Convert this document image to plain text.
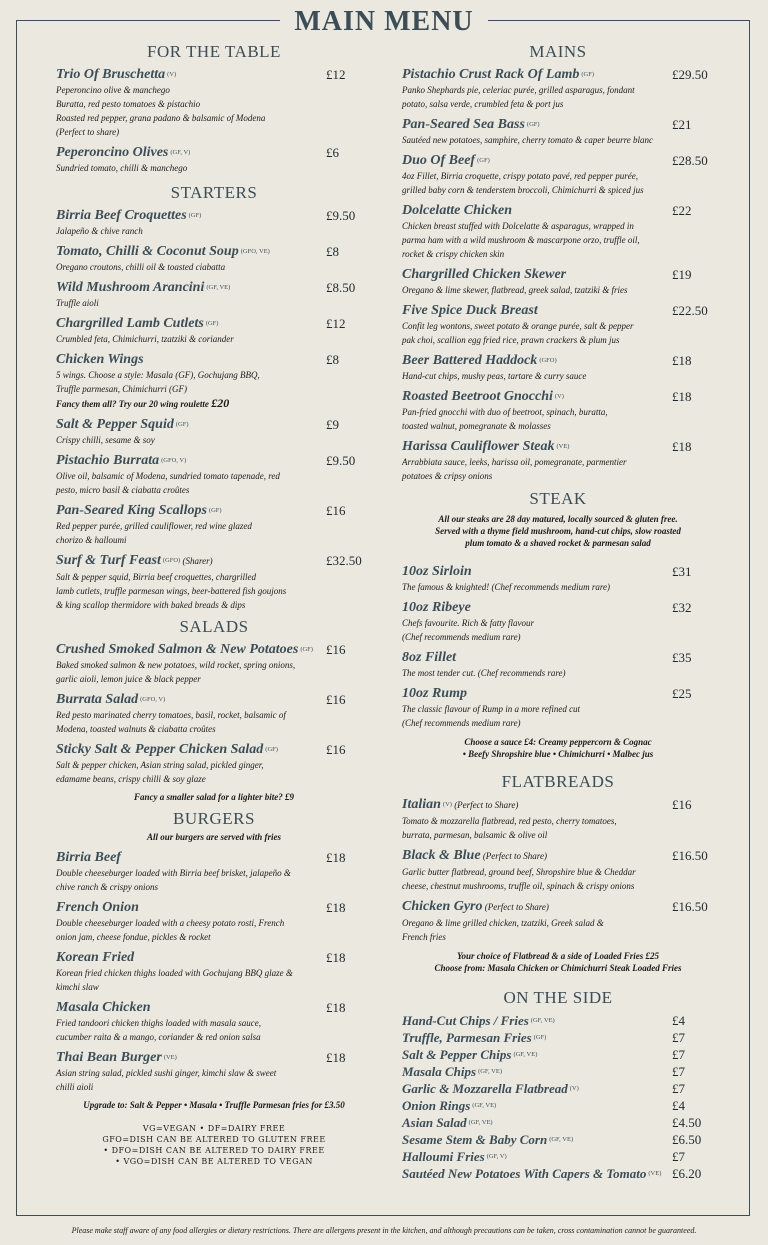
MAIN MENU
FOR THE TABLE
Trio Of Bruschetta $^{(V)}$	£12
Peperoncino olive & manchego
Buratta, red pesto tomatoes & pistachio
Roasted red pepper, grana padano & balsamic of Modena
(Perfect to share)
Peperoncino Olives $^{(GF, V)}$	£6
Sundried tomato, chilli & manchego
STARTERS
Birria Beef Croquettes $^{(GF)}$	£9.50
Jalapeño & chive ranch
Tomato, Chilli & Coconut Soup $^{(GFO, VE)}$	£8
Oregano croutons, chilli oil & toasted ciabatta
Wild Mushroom Arancini $^{(GF, VE)}$	£8.50
Truffle aioli
Chargrilled Lamb Cutlets $^{(GF)}$	£12
Crumbled feta, Chimichurri, tzatziki & coriander
Chicken Wings	£8
5 wings. Choose a style: Masala (GF), Gochujang BBQ,
Truffle parmesan, Chimichurri (GF)
Fancy them all? Try our 20 wing roulette £20
Salt & Pepper Squid $^{(GF)}$	£9
Crispy chilli, sesame & soy
Pistachio Burrata $^{(GFO, V)}$	£9.50
Olive oil, balsamic of Modena, sundried tomato tapenade, red
pesto, micro basil & ciabatta croûtes
Pan-Seared King Scallops $^{(GF)}$	£16
Red pepper purée, grilled cauliflower, red wine glazed
chorizo & halloumi
Surf & Turf Feast $^{(GFO)}$ (Sharer)	£32.50
Salt & pepper squid, Birria beef croquettes, chargrilled
lamb cutlets, truffle parmesan wings, beer-battered fish goujons
& king scallop thermidore with baked breads & dips
SALADS
Crushed Smoked Salmon & New Potatoes $^{(GF)}$	£16
Baked smoked salmon & new potatoes, wild rocket, spring onions,
garlic aioli, lemon juice & black pepper
Burrata Salad $^{(GFO, V)}$	£16
Red pesto marinated cherry tomatoes, basil, rocket, balsamic of
Modena, toasted walnuts & ciabatta croûtes
Sticky Salt & Pepper Chicken Salad $^{(GF)}$	£16
Salt & pepper chicken, Asian string salad, pickled ginger,
edamame beans, crispy chilli & soy glaze
Fancy a smaller salad for a lighter bite? £9
BURGERS
All our burgers are served with fries
Birria Beef	£18
Double cheeseburger loaded with Birria beef brisket, jalapeño &
chive ranch & crispy onions
French Onion	£18
Double cheeseburger loaded with a cheesy potato rosti, French
onion jam, cheese fondue, pickles & rocket
Korean Fried	£18
Korean fried chicken thighs loaded with Gochujang BBQ glaze &
kimchi slaw
Masala Chicken	£18
Fried tandoori chicken thighs loaded with masala sauce,
cucumber raita & a mango, coriander & red onion salsa
Thai Bean Burger $^{(VE)}$	£18
Asian string salad, pickled sushi ginger, kimchi slaw & sweet
chilli aioli
Upgrade to: Salt & Pepper • Masala • Truffle Parmesan fries for £3.50
VG=VEGAN • DF=DAIRY FREE
GFO=DISH CAN BE ALTERED TO GLUTEN FREE
• DFO=DISH CAN BE ALTERED TO DAIRY FREE
• VGO=DISH CAN BE ALTERED TO VEGAN
MAINS
Pistachio Crust Rack Of Lamb $^{(GF)}$	£29.50
Panko Shephards pie, celeriac purée, grilled asparagus, fondant
potato, salsa verde, crumbled feta & port jus
Pan-Seared Sea Bass $^{(GF)}$	£21
Sautéed new potatoes, samphire, cherry tomato & caper beurre blanc
Duo Of Beef $^{(GF)}$	£28.50
4oz Fillet, Birria croquette, crispy potato pavé, red pepper purée,
grilled baby corn & tenderstem broccoli, Chimichurri & spiced jus
Dolcelatte Chicken	£22
Chicken breast stuffed with Dolcelatte & asparagus, wrapped in
parma ham with a wild mushroom & mascarpone orzo, truffle oil,
rocket & crispy chicken skin
Chargrilled Chicken Skewer	£19
Oregano & lime skewer, flatbread, greek salad, tzatziki & fries
Five Spice Duck Breast	£22.50
Confit leg wontons, sweet potato & orange purée, salt & pepper
pak choi, scallion egg fried rice, prawn crackers & plum jus
Beer Battered Haddock $^{(GFO)}$	£18
Hand-cut chips, mushy peas, tartare & curry sauce
Roasted Beetroot Gnocchi $^{(V)}$	£18
Pan-fried gnocchi with duo of beetroot, spinach, buratta,
toasted walnut, pomegranate & molasses
Harissa Cauliflower Steak $^{(VE)}$	£18
Arrabbiata sauce, leeks, harissa oil, pomegranate, parmentier
potatoes & cripsy onions
STEAK
All our steaks are 28 day matured, locally sourced & gluten free.
Served with a thyme field mushroom, hand-cut chips, slow roasted
plum tomato & a shaved rocket & parmesan salad
10oz Sirloin	£31
The famous & knighted! (Chef recommends medium rare)
10oz Ribeye	£32
Chefs favourite. Rich & fatty flavour
(Chef recommends medium rare)
8oz Fillet	£35
The most tender cut. (Chef recommends rare)
10oz Rump	£25
The classic flavour of Rump in a more refined cut
(Chef recommends medium rare)
Choose a sauce £4: Creamy peppercorn & Cognac
• Beefy Shropshire blue • Chimichurri • Malbec jus
FLATBREADS
Italian $^{(V)}$ (Perfect to Share)	£16
Tomato & mozzarella flatbread, red pesto, cherry tomatoes,
burrata, parmesan, balsamic & olive oil
Black & Blue (Perfect to Share)	£16.50
Garlic butter flatbread, ground beef, Shropshire blue & Cheddar
cheese, chestnut mushrooms, truffle oil, spinach & crispy onions
Chicken Gyro (Perfect to Share)	£16.50
Oregano & lime grilled chicken, tzatziki, Greek salad &
French fries
Your choice of Flatbread & a side of Loaded Fries £25
Choose from: Masala Chicken or Chimichurri Steak Loaded Fries
ON THE SIDE
Hand-Cut Chips / Fries $^{(GF, VE)}$	£4
Truffle, Parmesan Fries $^{(GF)}$	£7
Salt & Pepper Chips $^{(GF, VE)}$	£7
Masala Chips $^{(GF, VE)}$	£7
Garlic & Mozzarella Flatbread $^{(V)}$	£7
Onion Rings $^{(GF, VE)}$	£4
Asian Salad $^{(GF, VE)}$	£4.50
Sesame Stem & Baby Corn $^{(GF, VE)}$	£6.50
Halloumi Fries $^{(GF, V)}$	£7
Sautéed New Potatoes With Capers & Tomato $^{(VE)}$ £6.20
Please make staff aware of any food allergies or dietary restrictions. There are allergens present in the kitchen, and although precautions can be taken, cross contamination cannot be guaranteed.
